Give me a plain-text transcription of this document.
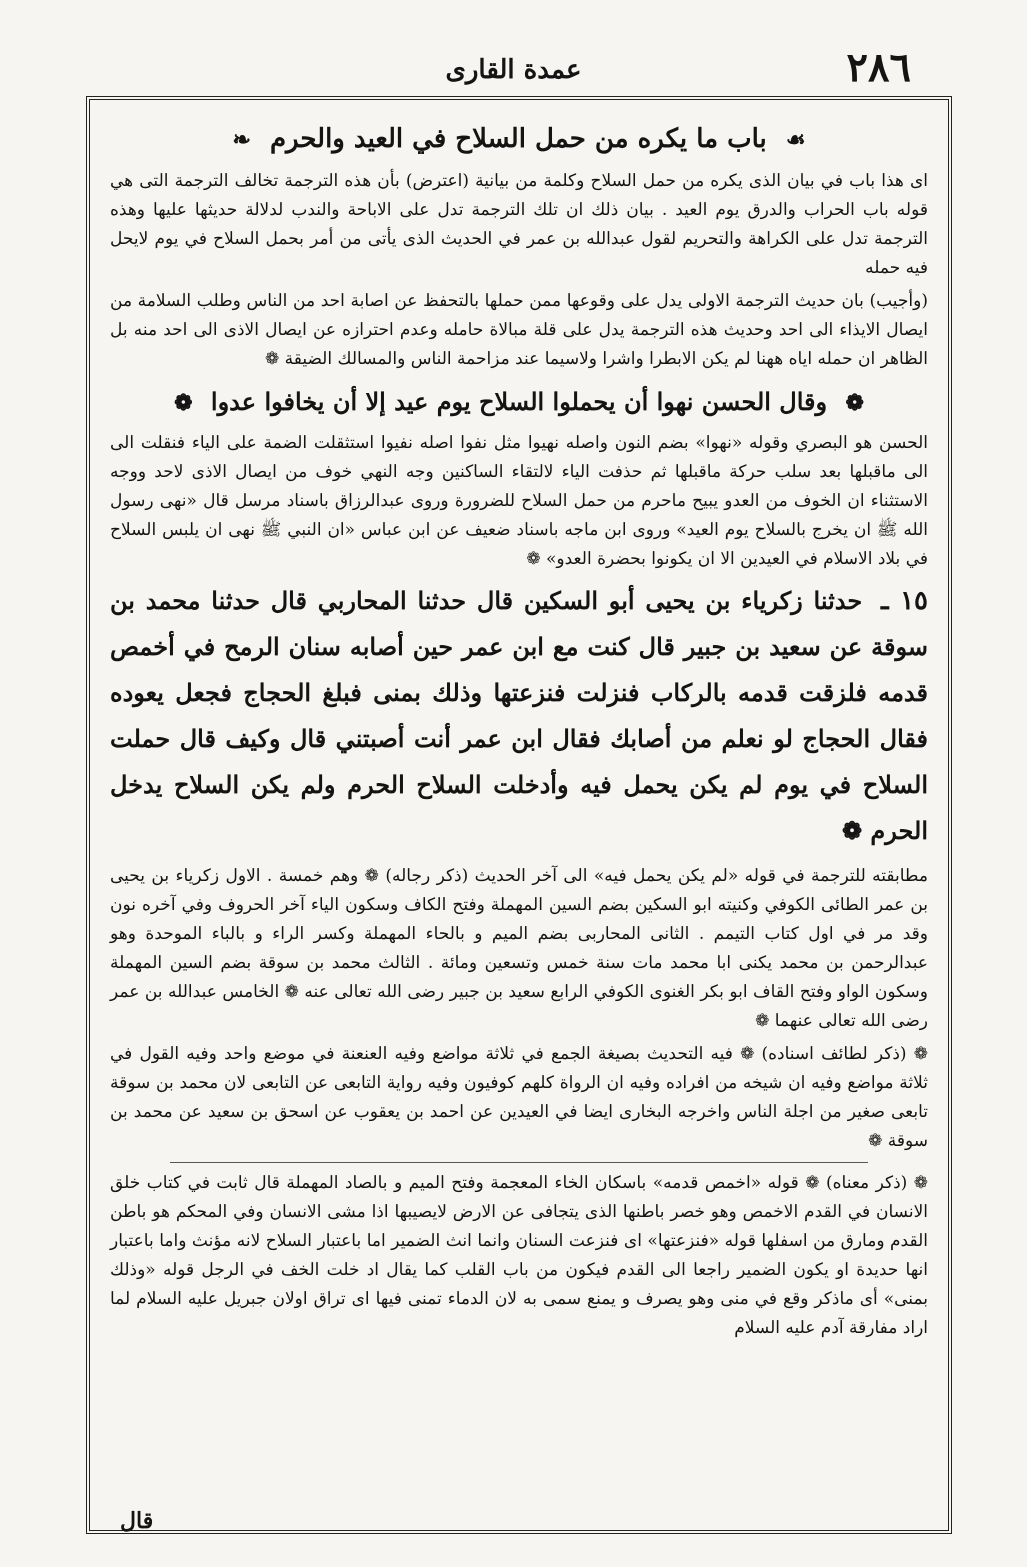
عمدة القارى	٢٨٦
☙ باب ما يكره من حمل السلاح في العيد والحرم ❧

اى هذا باب في بيان الذى يكره من حمل السلاح وكلمة من بيانية (اعترض) بأن هذه الترجمة تخالف الترجمة التى هي قوله باب الحراب والدرق يوم العيد . بيان ذلك ان تلك الترجمة تدل على الاباحة والندب لدلالة حديثها عليها وهذه الترجمة تدل على الكراهة والتحريم لقول عبدالله بن عمر في الحديث الذى يأتى من أمر بحمل السلاح في يوم لايحل فيه حمله

(وأجيب) بان حديث الترجمة الاولى يدل على وقوعها ممن حملها بالتحفظ عن اصابة احد من الناس وطلب السلامة من ايصال الايذاء الى احد وحديث هذه الترجمة يدل على قلة مبالاة حامله وعدم احترازه عن ايصال الاذى الى احد منه بل الظاهر ان حمله اياه ههنا لم يكن الابطرا واشرا ولاسيما عند مزاحمة الناس والمسالك الضيقة ❁

❁ وقال الحسن نهوا أن يحملوا السلاح يوم عيد إلا أن يخافوا عدوا ❁

الحسن هو البصري وقوله «نهوا» بضم النون واصله نهيوا مثل نفوا اصله نفيوا استثقلت الضمة على الياء فنقلت الى الى ماقبلها بعد سلب حركة ماقبلها ثم حذفت الياء لالتقاء الساكنين وجه النهي خوف من ايصال الاذى لاحد ووجه الاستثناء ان الخوف من العدو يبيح ماحرم من حمل السلاح للضرورة وروى عبدالرزاق باسناد مرسل قال «نهى رسول الله ﷺ ان يخرج بالسلاح يوم العيد» وروى ابن ماجه باسناد ضعيف عن ابن عباس «ان النبي ﷺ نهى ان يلبس السلاح في بلاد الاسلام في العيدين الا ان يكونوا بحضرة العدو» ❁

١٥ ـ حدثنا زكرياء بن يحيى أبو السكين قال حدثنا المحاربي قال حدثنا محمد بن سوقة عن سعيد بن جبير قال كنت مع ابن عمر حين أصابه سنان الرمح في أخمص قدمه فلزقت قدمه بالركاب فنزلت فنزعتها وذلك بمنى فبلغ الحجاج فجعل يعوده فقال الحجاج لو نعلم من أصابك فقال ابن عمر أنت أصبتني قال وكيف قال حملت السلاح في يوم لم يكن يحمل فيه وأدخلت السلاح الحرم ولم يكن السلاح يدخل الحرم ❁

مطابقته للترجمة في قوله «لم يكن يحمل فيه» الى آخر الحديث (ذكر رجاله) ❁ وهم خمسة . الاول زكرياء بن يحيى بن عمر الطائى الكوفي وكنيته ابو السكين بضم السين المهملة وفتح الكاف وسكون الياء آخر الحروف وفي آخره نون وقد مر في اول كتاب التيمم . الثانى المحاربى بضم الميم و بالحاء المهملة وكسر الراء و بالباء الموحدة وهو عبدالرحمن بن محمد يكنى ابا محمد مات سنة خمس وتسعين ومائة . الثالث محمد بن سوقة بضم السين المهملة وسكون الواو وفتح القاف ابو بكر الغنوى الكوفي الرابع سعيد بن جبير رضى الله تعالى عنه ❁ الخامس عبدالله بن عمر رضى الله تعالى عنهما ❁

❁ (ذكر لطائف اسناده) ❁ فيه التحديث بصيغة الجمع في ثلاثة مواضع وفيه العنعنة في موضع واحد وفيه القول في ثلاثة مواضع وفيه ان شيخه من افراده وفيه ان الرواة كلهم كوفيون وفيه رواية التابعى عن التابعى لان محمد بن سوقة تابعى صغير من اجلة الناس واخرجه البخارى ايضا في العيدين عن احمد بن يعقوب عن اسحق بن سعيد عن محمد بن سوقة ❁

❁ (ذكر معناه) ❁ قوله «اخمص قدمه» باسكان الخاء المعجمة وفتح الميم و بالصاد المهملة قال ثابت في كتاب خلق الانسان في القدم الاخمص وهو خصر باطنها الذى يتجافى عن الارض لايصيبها اذا مشى الانسان وفي المحكم هو باطن القدم ومارق من اسفلها قوله «فنزعتها» اى فنزعت السنان وانما انث الضمير اما باعتبار السلاح لانه مؤنث واما باعتبار انها حديدة او يكون الضمير راجعا الى القدم فيكون من باب القلب كما يقال اد خلت الخف في الرجل قوله «وذلك بمنى» أى ماذكر وقع في منى وهو يصرف و يمنع سمى به لان الدماء تمنى فيها اى تراق اولان جبريل عليه السلام لما اراد مفارقة آدم عليه السلام

قال
